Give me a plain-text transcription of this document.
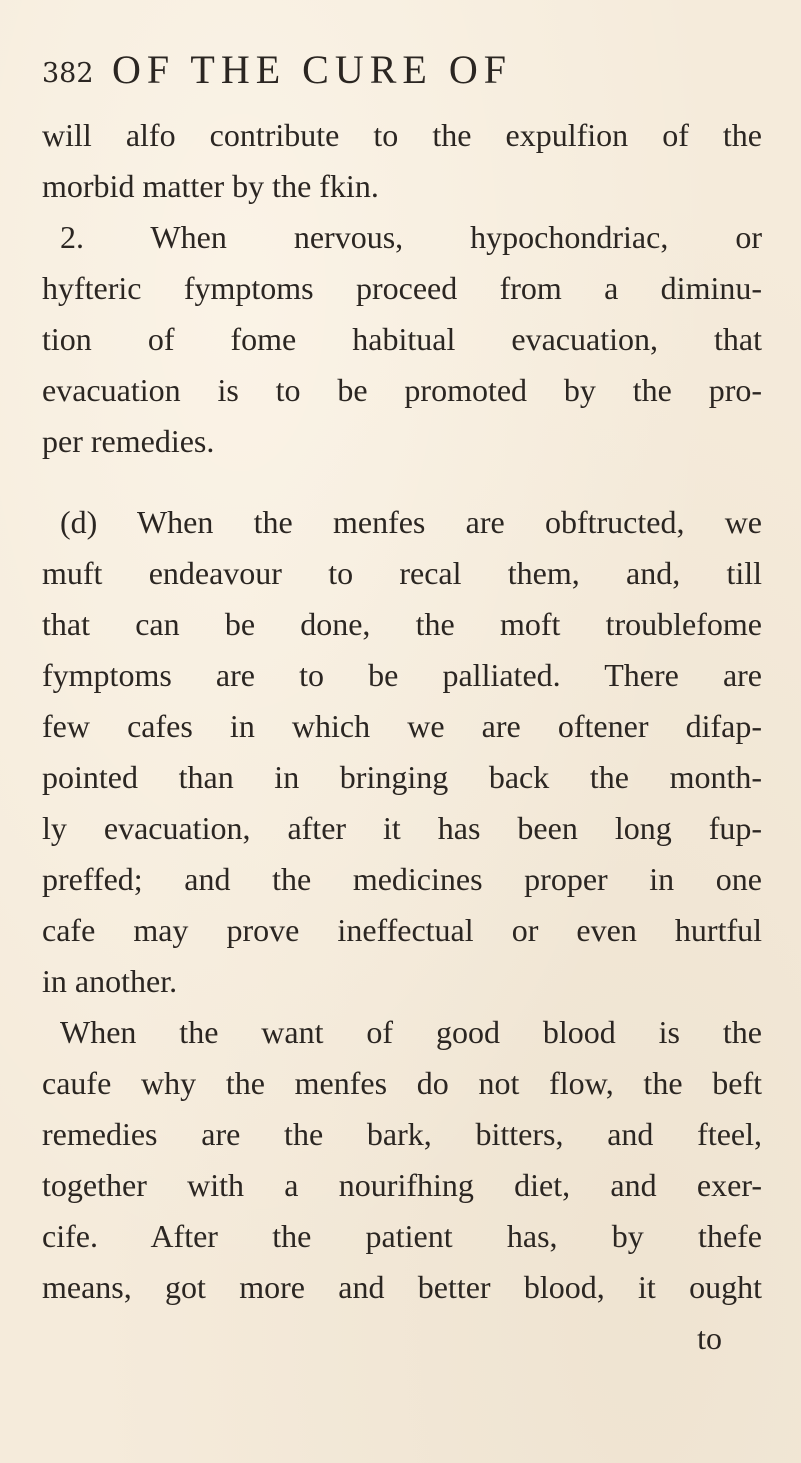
382 OF THE CURE OF
will alfo contribute to the expulfion of the
morbid matter by the fkin.
2. When nervous, hypochondriac, or
hyfteric fymptoms proceed from a diminu-
tion of fome habitual evacuation, that
evacuation is to be promoted by the pro-
per remedies.
(d) When the menfes are obftructed, we
muft endeavour to recal them, and, till
that can be done, the moft troublefome
fymptoms are to be palliated. There are
few cafes in which we are oftener difap-
pointed than in bringing back the month-
ly evacuation, after it has been long fup-
preffed; and the medicines proper in one
cafe may prove ineffectual or even hurtful
in another.
When the want of good blood is the
caufe why the menfes do not flow, the beft
remedies are the bark, bitters, and fteel,
together with a nourifhing diet, and exer-
cife. After the patient has, by thefe
means, got more and better blood, it ought
to
